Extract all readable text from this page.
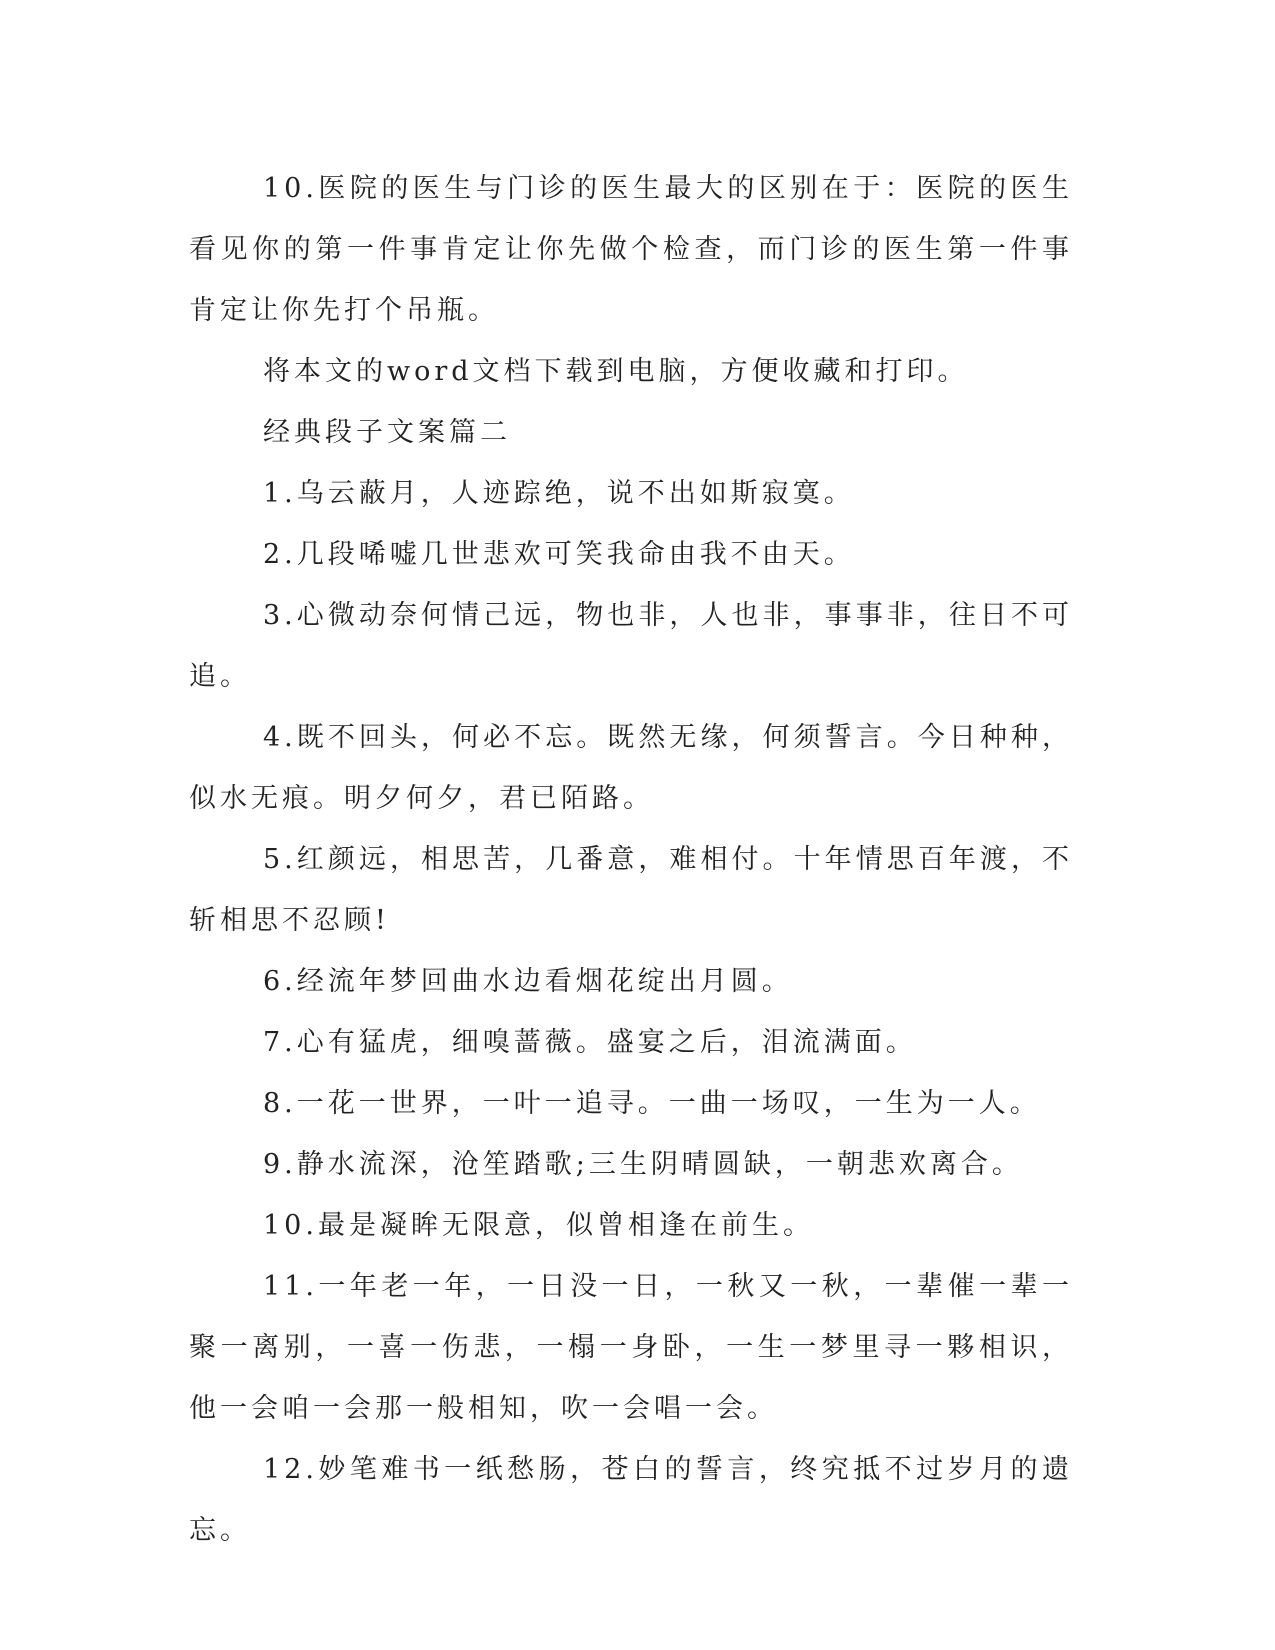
10.医院的医生与门诊的医生最大的区别在于：医院的医生看见你的第一件事肯定让你先做个检查，而门诊的医生第一件事肯定让你先打个吊瓶。

将本文的word文档下载到电脑，方便收藏和打印。

经典段子文案篇二

1.乌云蔽月，人迹踪绝，说不出如斯寂寞。

2.几段唏嘘几世悲欢可笑我命由我不由天。

3.心微动奈何情己远，物也非，人也非，事事非，往日不可追。

4.既不回头，何必不忘。既然无缘，何须誓言。今日种种，似水无痕。明夕何夕，君已陌路。

5.红颜远，相思苦，几番意，难相付。十年情思百年渡，不斩相思不忍顾!

6.经流年梦回曲水边看烟花绽出月圆。

7.心有猛虎，细嗅蔷薇。盛宴之后，泪流满面。

8.一花一世界，一叶一追寻。一曲一场叹，一生为一人。

9.静水流深，沧笙踏歌;三生阴晴圆缺，一朝悲欢离合。

10.最是凝眸无限意，似曾相逢在前生。

11.一年老一年，一日没一日，一秋又一秋，一辈催一辈一聚一离别，一喜一伤悲，一榻一身卧，一生一梦里寻一夥相识，他一会咱一会那一般相知，吹一会唱一会。

12.妙笔难书一纸愁肠，苍白的誓言，终究抵不过岁月的遗忘。
